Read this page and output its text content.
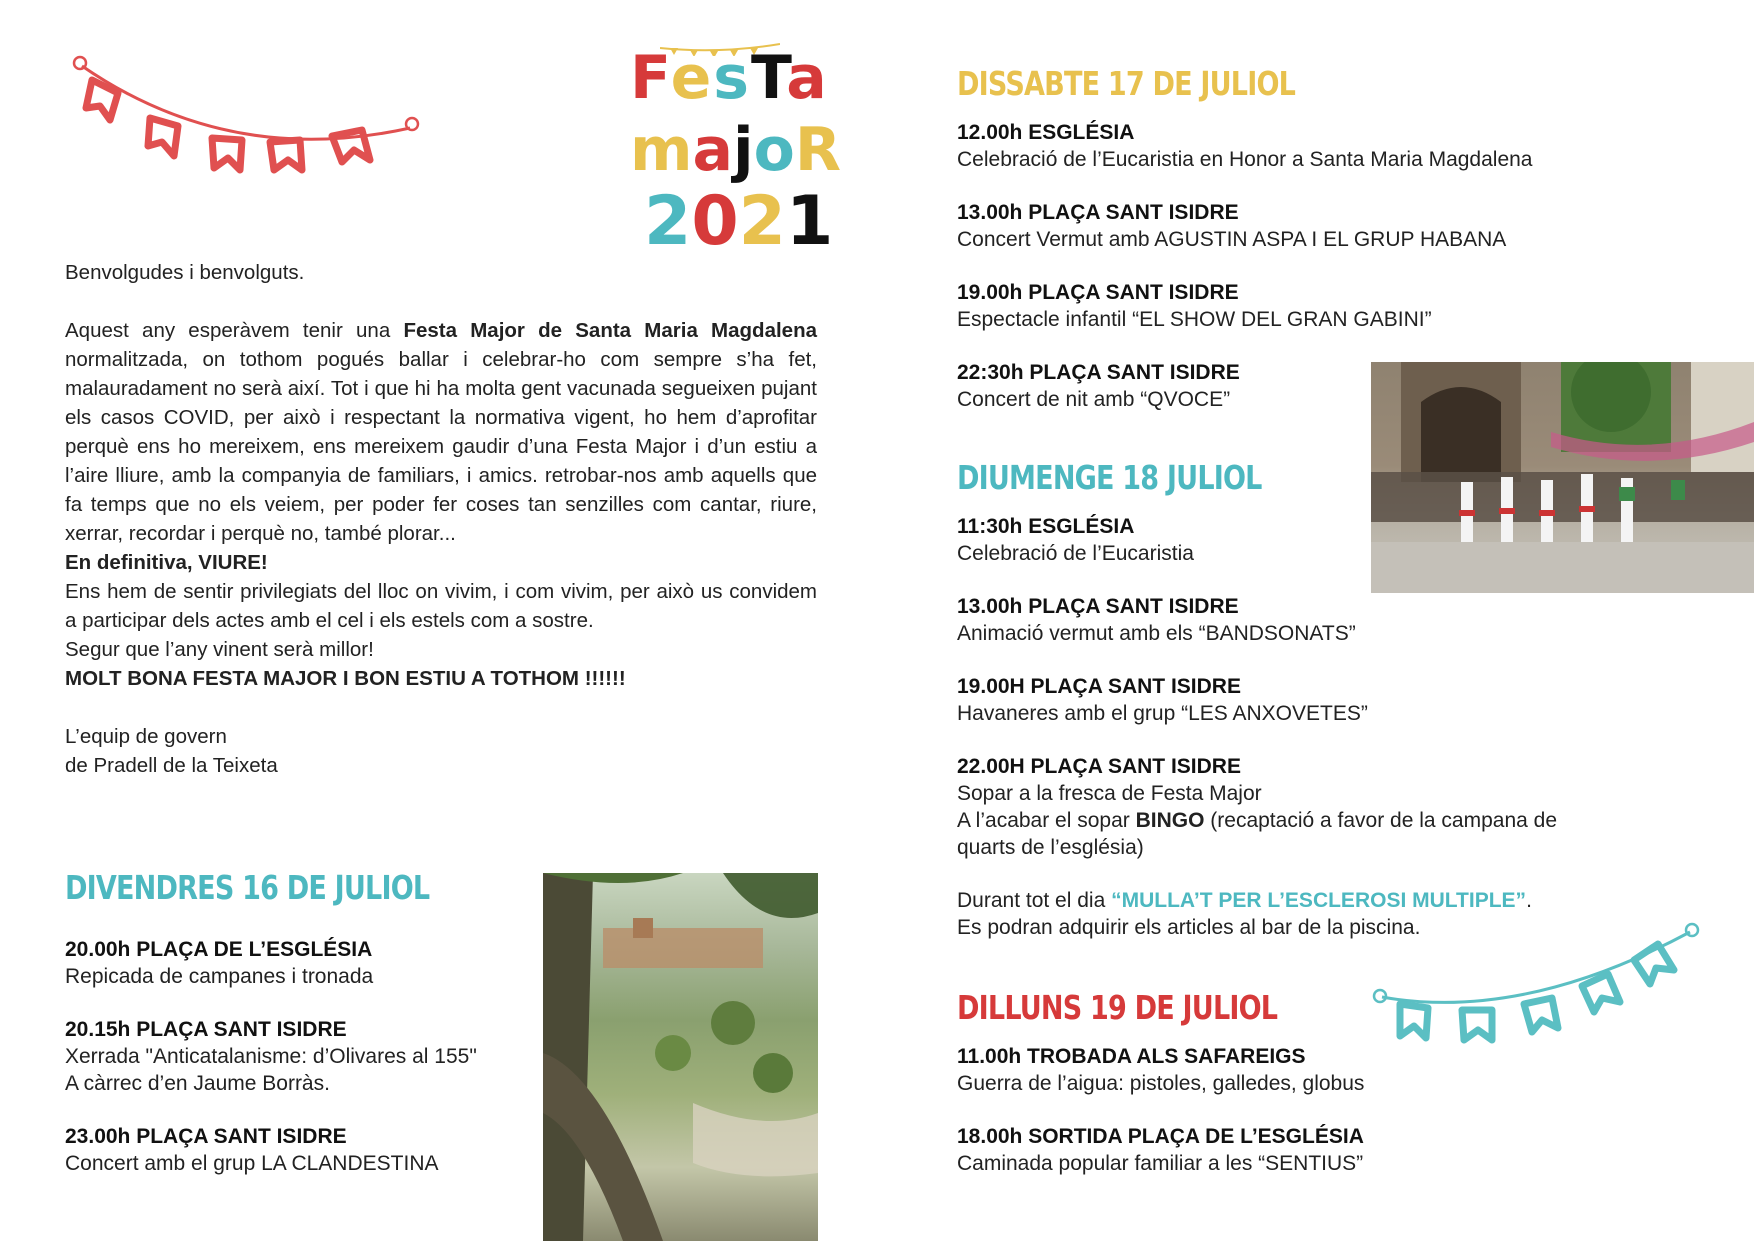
FesTa
majoR
2021

Benvolgudes i benvolguts.

Aquest any esperàvem tenir una Festa Major de Santa Maria Magdalena normalitzada, on tothom pogués ballar i celebrar-ho com sempre s’ha fet, malauradament no serà així. Tot i que hi ha molta gent vacunada segueixen pujant els casos COVID, per això i respectant la normativa vigent, ho hem d’aprofitar perquè ens ho mereixem, ens mereixem gaudir d’una Festa Major i d’un estiu a l’aire lliure, amb la companyia de familiars, i amics. retrobar-nos amb aquells que fa temps que no els veiem, per poder fer coses tan senzilles com cantar, riure, xerrar, recordar i perquè no, també plorar...

En definitiva, VIURE!

Ens hem de sentir privilegiats del lloc on vivim, i com vivim, per això us convidem a participar dels actes amb el cel i els estels com a sostre.

Segur que l’any vinent serà millor!

MOLT BONA FESTA MAJOR I BON ESTIU A TOTHOM !!!!!!

L’equip de govern

de Pradell de la Teixeta

DIVENDRES 16 DE JULIOL
20.00h PLAÇA DE L’ESGLÉSIA
Repicada de campanes i tronada
20.15h PLAÇA SANT ISIDRE
Xerrada "Anticatalanisme: d’Olivares al 155"
A càrrec d’en Jaume Borràs.
23.00h PLAÇA SANT ISIDRE
Concert amb el grup LA CLANDESTINA
DISSABTE 17 DE JULIOL
12.00h ESGLÉSIA
Celebració de l’Eucaristia en Honor a Santa Maria Magdalena
13.00h PLAÇA SANT ISIDRE
Concert Vermut amb AGUSTIN ASPA I EL GRUP HABANA
19.00h PLAÇA SANT ISIDRE
Espectacle infantil “EL SHOW DEL GRAN GABINI”
22:30h PLAÇA SANT ISIDRE
Concert de nit amb “QVOCE”
DIUMENGE 18 JULIOL
11:30h ESGLÉSIA
Celebració de l’Eucaristia
13.00h PLAÇA SANT ISIDRE
Animació vermut amb els “BANDSONATS”
19.00H PLAÇA SANT ISIDRE
Havaneres amb el grup “LES ANXOVETES”
22.00H PLAÇA SANT ISIDRE
Sopar a la fresca de Festa Major
A l’acabar el sopar BINGO (recaptació a favor de la campana de quarts de l’església)
Durant tot el dia “MULLA’T PER L’ESCLEROSI MULTIPLE”.
Es podran adquirir els articles al bar de la piscina.
DILLUNS 19 DE JULIOL
11.00h TROBADA ALS SAFAREIGS
Guerra de l’aigua: pistoles, galledes, globus
18.00h SORTIDA PLAÇA DE L’ESGLÉSIA
Caminada popular familiar a les “SENTIUS”
